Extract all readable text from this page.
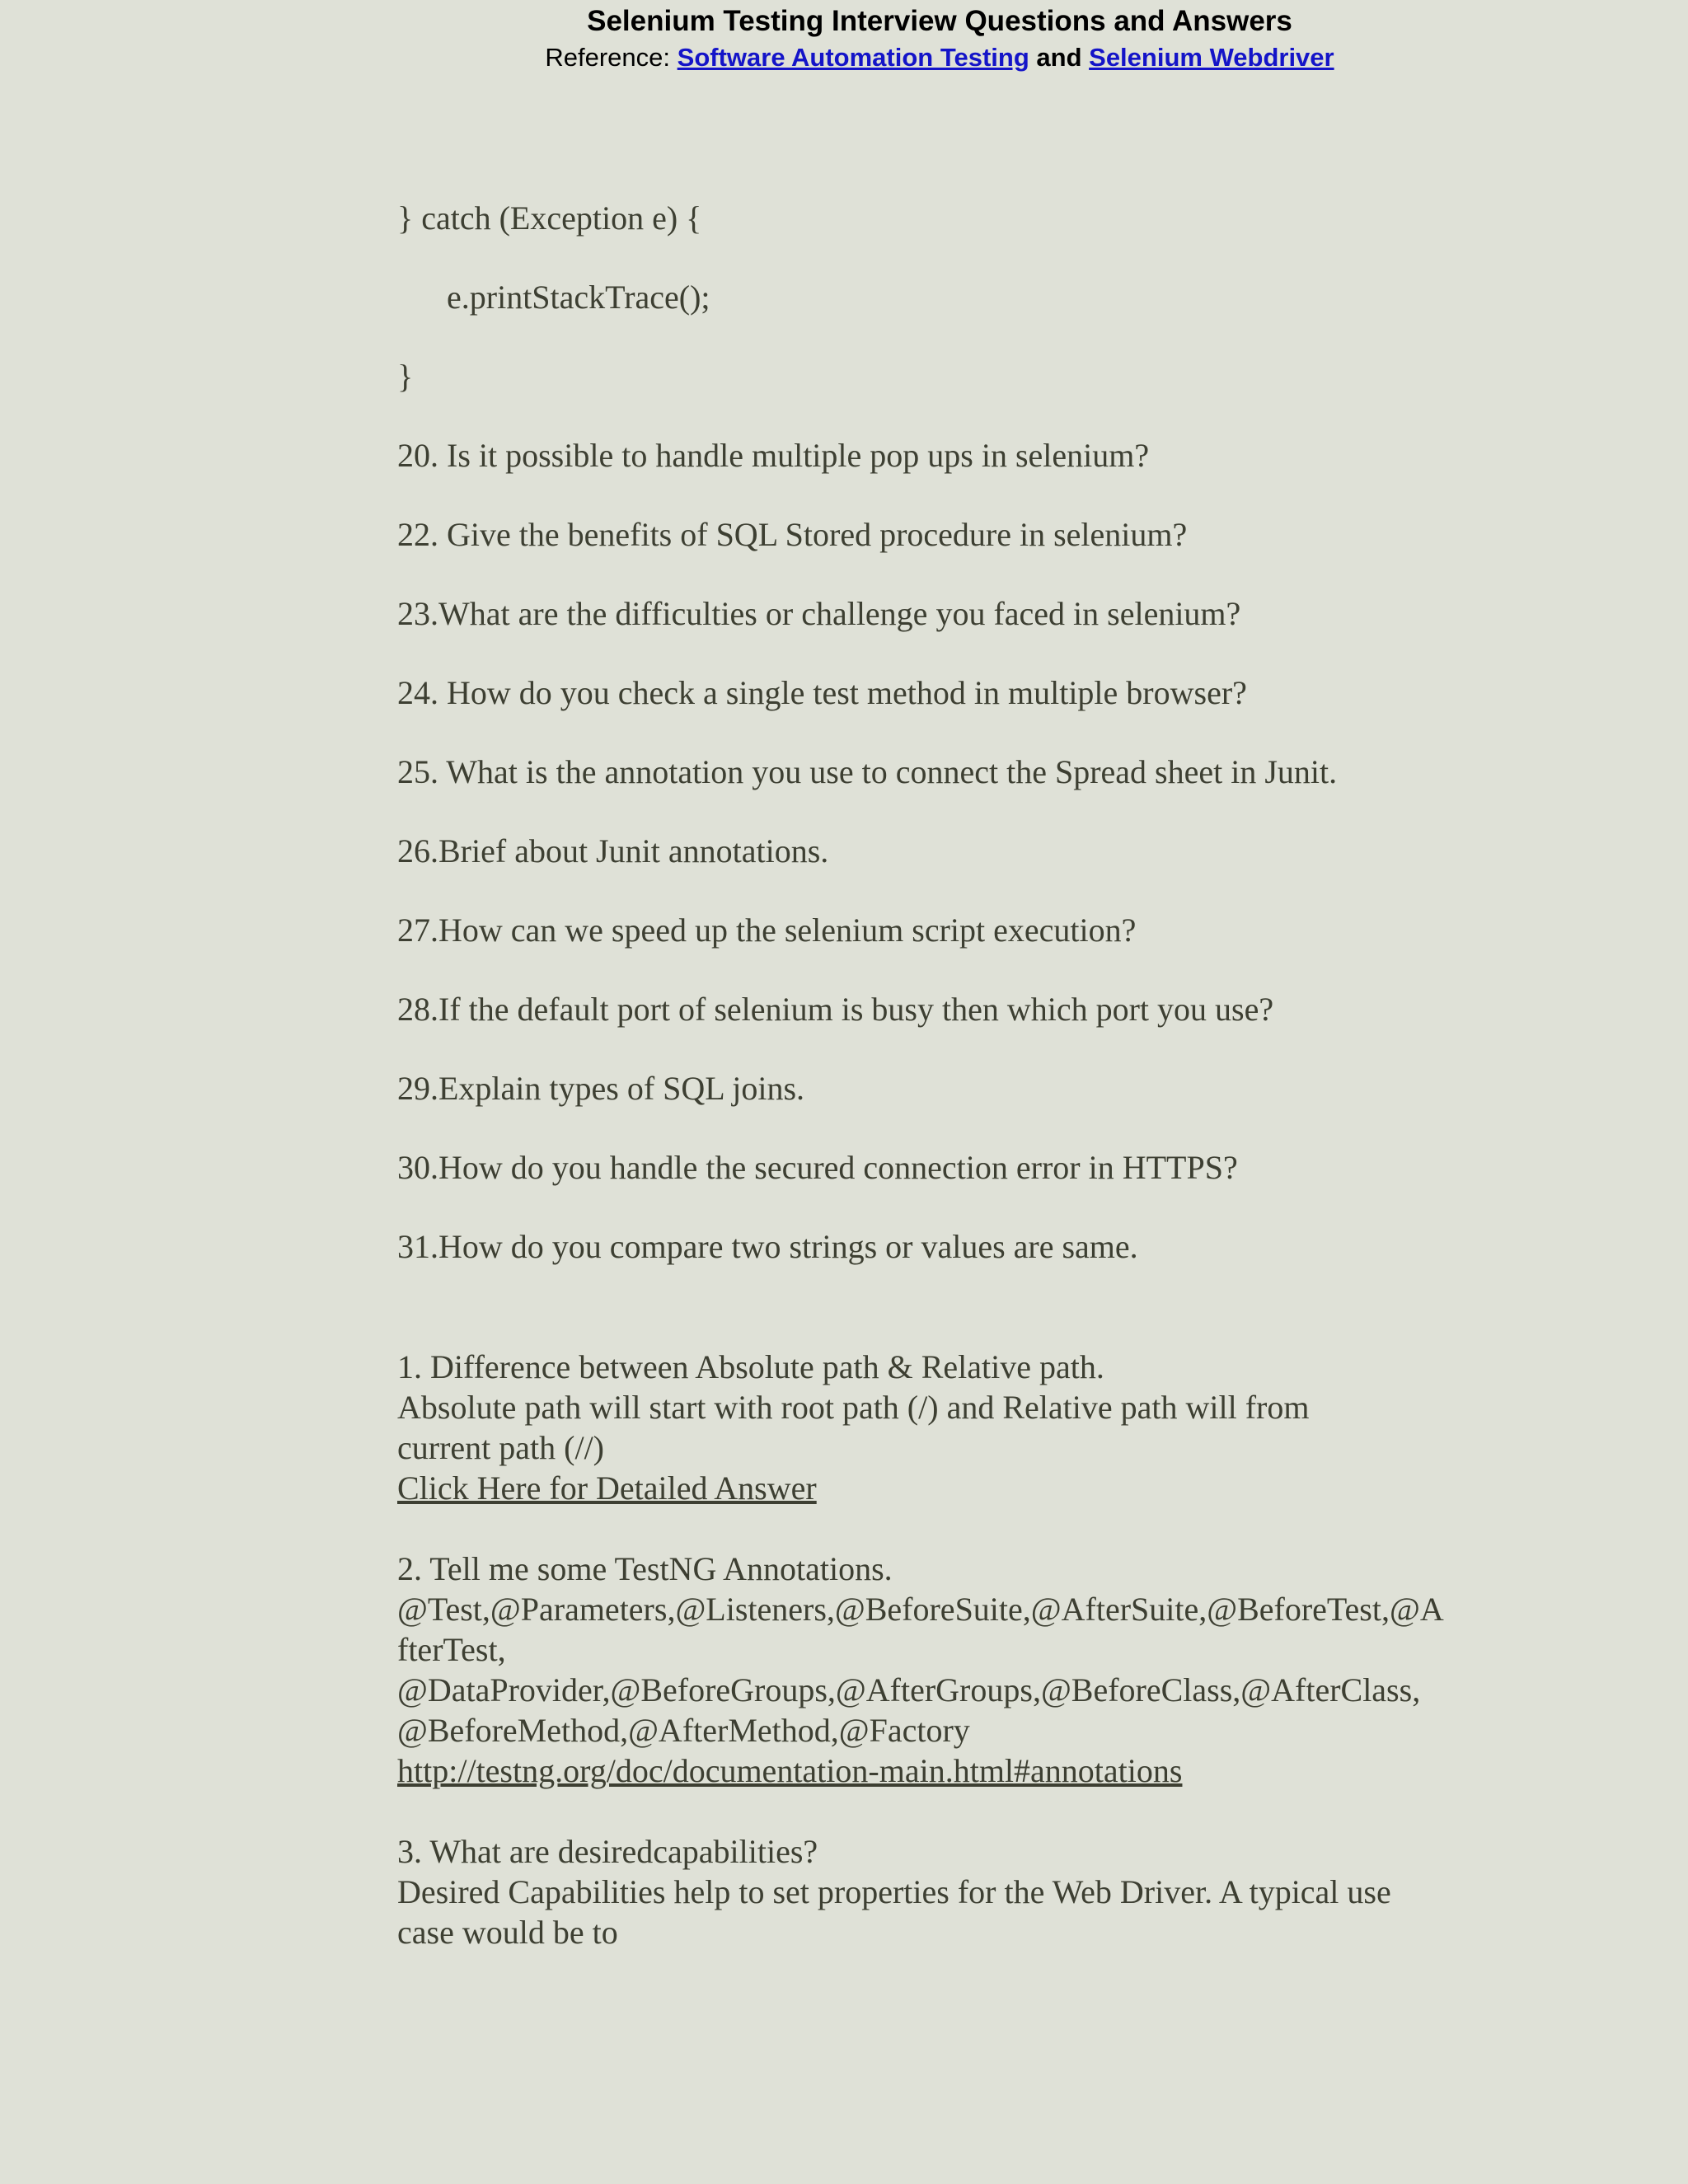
Selenium Testing Interview Questions and Answers
Reference: Software Automation Testing and Selenium Webdriver
} catch (Exception e) {
e.printStackTrace();
}
20. Is it possible to handle multiple pop ups in selenium?
22. Give the benefits of SQL Stored procedure in selenium?
23.What are the difficulties or challenge you faced in selenium?
24. How do you check a single test method in multiple browser?
25. What is the annotation you use to connect the Spread sheet in Junit.
26.Brief about Junit annotations.
27.How can we speed up the selenium script execution?
28.If the default port of selenium is busy then which port you use?
29.Explain types of SQL joins.
30.How do you handle the secured connection error in HTTPS?
31.How do you compare two strings or values are same.
1. Difference between Absolute path & Relative path.
Absolute path will start with root path (/) and Relative path will from
current path (//)
Click Here for Detailed Answer
2. Tell me some TestNG Annotations.
@Test,@Parameters,@Listeners,@BeforeSuite,@AfterSuite,@BeforeTest,@A
fterTest,
@DataProvider,@BeforeGroups,@AfterGroups,@BeforeClass,@AfterClass,
@BeforeMethod,@AfterMethod,@Factory
http://testng.org/doc/documentation-main.html#annotations
3. What are desiredcapabilities?
Desired Capabilities help to set properties for the Web Driver. A typical use
case would be to
